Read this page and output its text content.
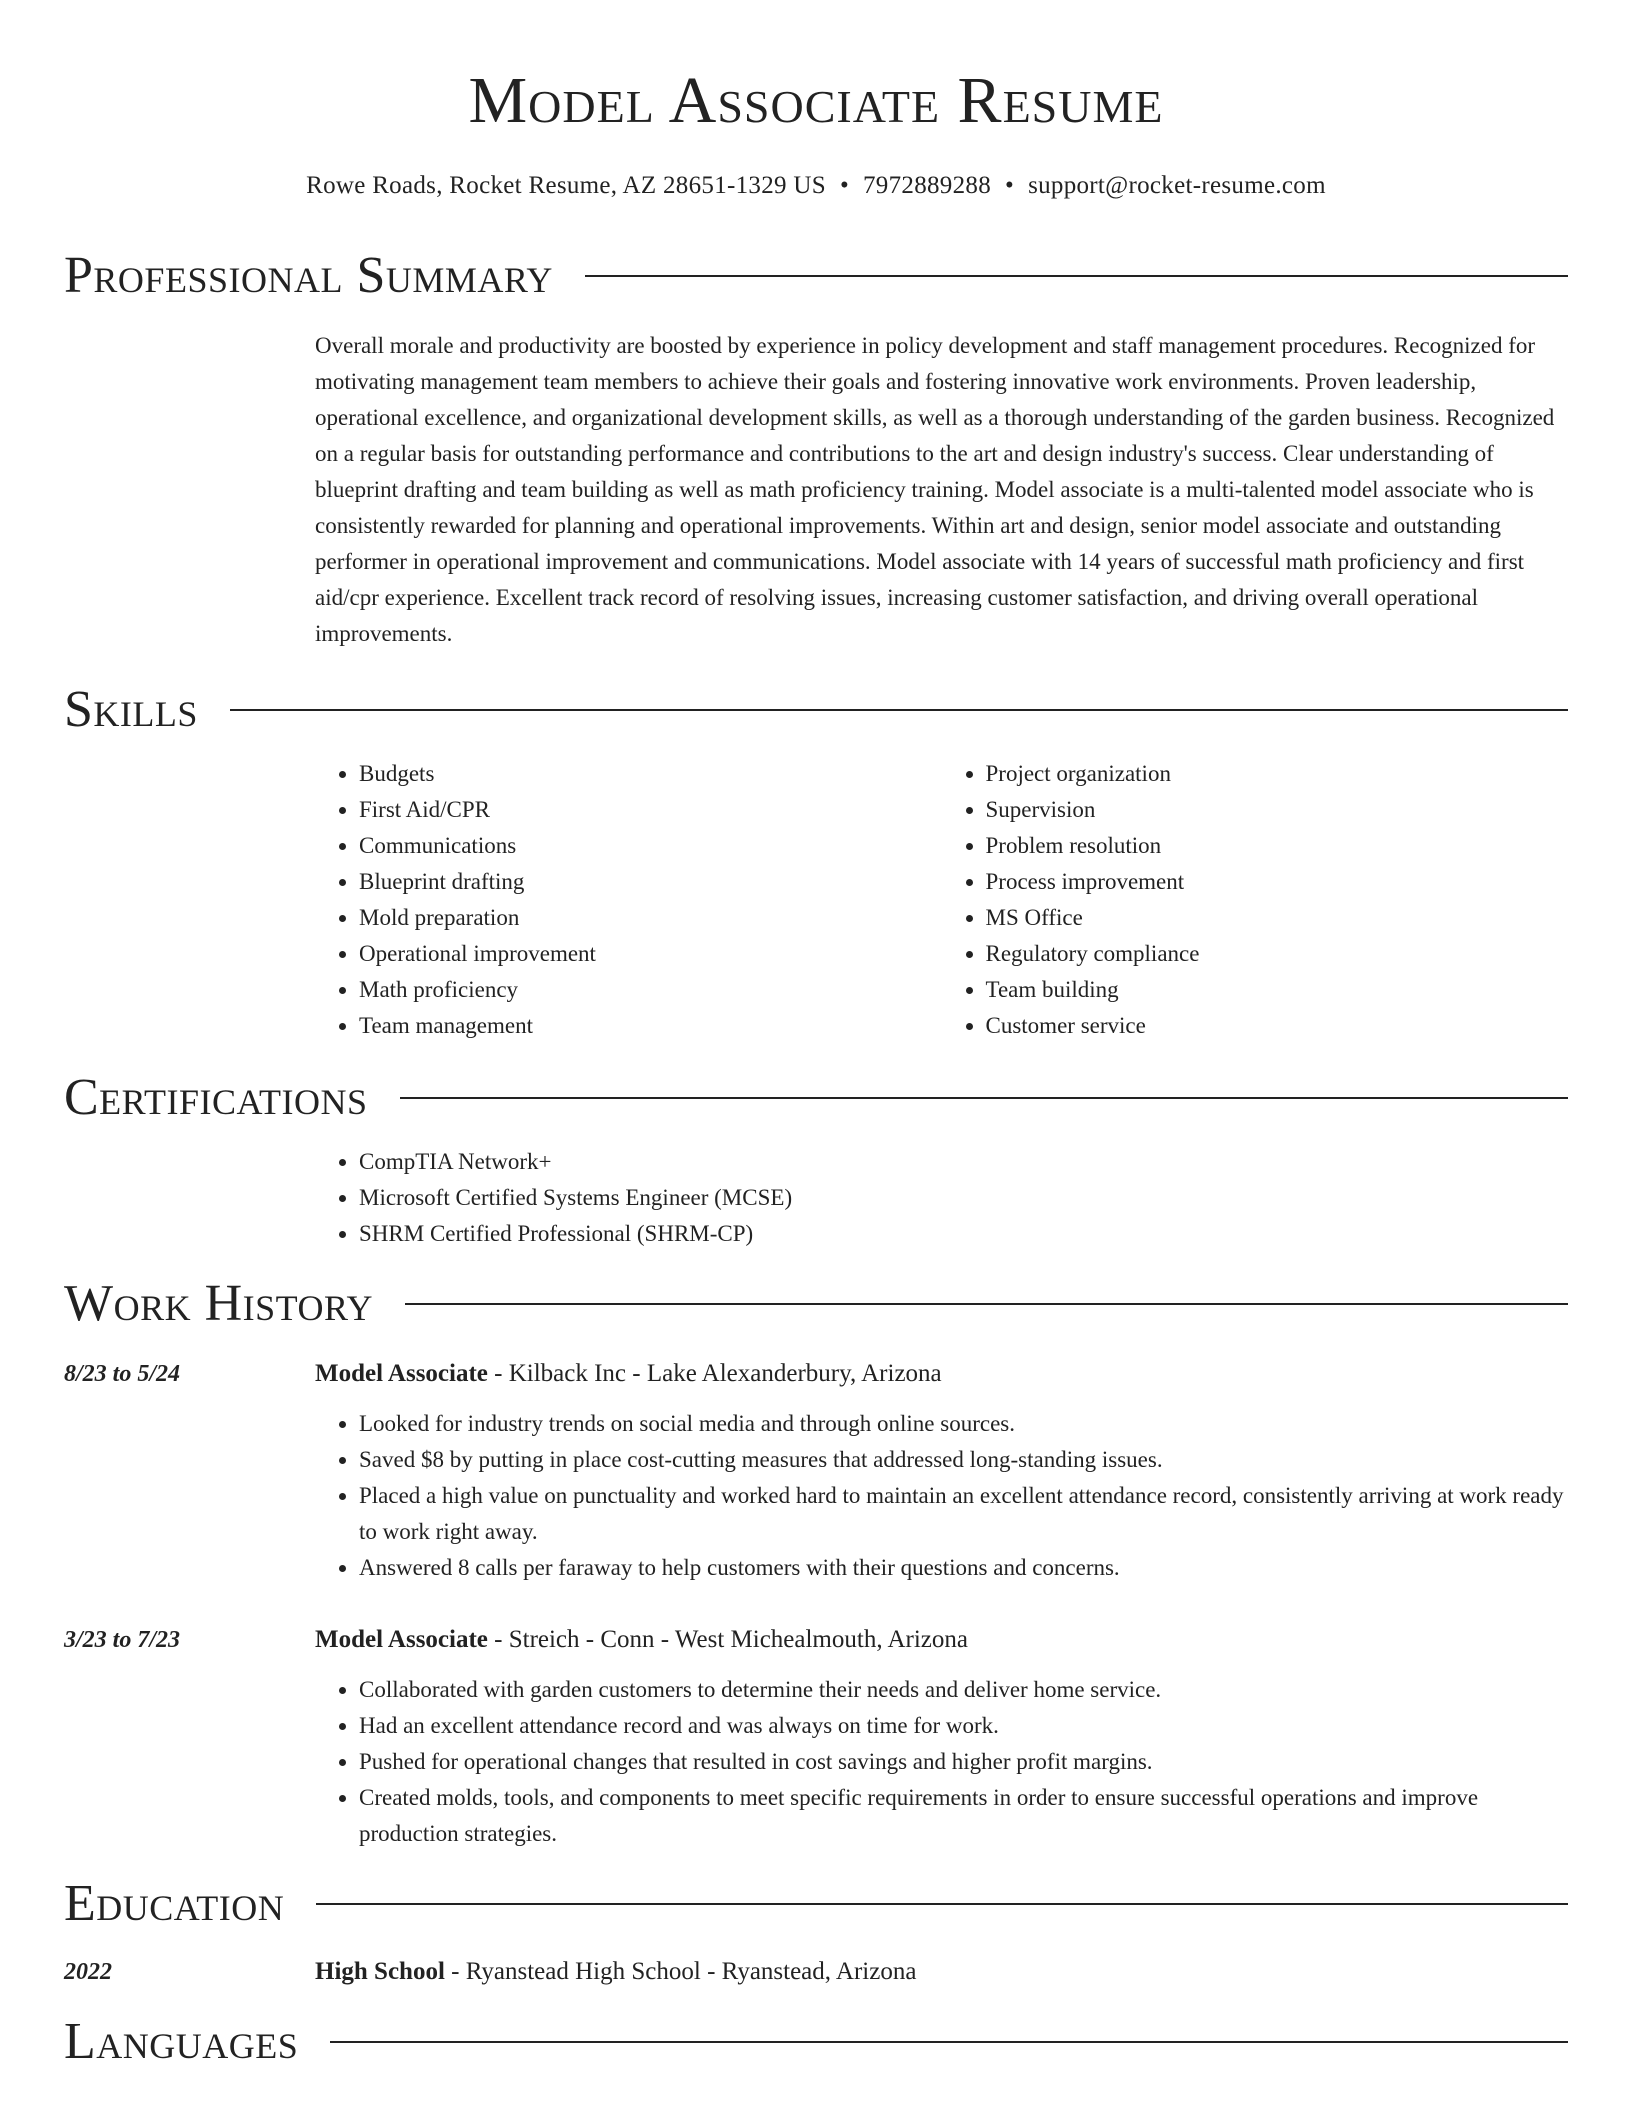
Model Associate Resume
Rowe Roads, Rocket Resume, AZ 28651-1329 US • 7972889288 • support@rocket-resume.com
Professional Summary

Overall morale and productivity are boosted by experience in policy development and staff management procedures. Recognized for motivating management team members to achieve their goals and fostering innovative work environments. Proven leadership, operational excellence, and organizational development skills, as well as a thorough understanding of the garden business. Recognized on a regular basis for outstanding performance and contributions to the art and design industry's success. Clear understanding of blueprint drafting and team building as well as math proficiency training. Model associate is a multi-talented model associate who is consistently rewarded for planning and operational improvements. Within art and design, senior model associate and outstanding performer in operational improvement and communications. Model associate with 14 years of successful math proficiency and first aid/cpr experience. Excellent track record of resolving issues, increasing customer satisfaction, and driving overall operational improvements.

Skills
• Budgets
• First Aid/CPR
• Communications
• Blueprint drafting
• Mold preparation
• Operational improvement
• Math proficiency
• Team management
• Project organization
• Supervision
• Problem resolution
• Process improvement
• MS Office
• Regulatory compliance
• Team building
• Customer service
Certifications
• CompTIA Network+
• Microsoft Certified Systems Engineer (MCSE)
• SHRM Certified Professional (SHRM-CP)
Work History
8/23 to 5/24	Model Associate - Kilback Inc - Lake Alexanderbury, Arizona
• Looked for industry trends on social media and through online sources.
• Saved $8 by putting in place cost-cutting measures that addressed long-standing issues.
• Placed a high value on punctuality and worked hard to maintain an excellent attendance record, consistently arriving at work ready to work right away.
• Answered 8 calls per faraway to help customers with their questions and concerns.
3/23 to 7/23	Model Associate - Streich - Conn - West Michealmouth, Arizona
• Collaborated with garden customers to determine their needs and deliver home service.
• Had an excellent attendance record and was always on time for work.
• Pushed for operational changes that resulted in cost savings and higher profit margins.
• Created molds, tools, and components to meet specific requirements in order to ensure successful operations and improve production strategies.
Education
2022	High School - Ryanstead High School - Ryanstead, Arizona
Languages
